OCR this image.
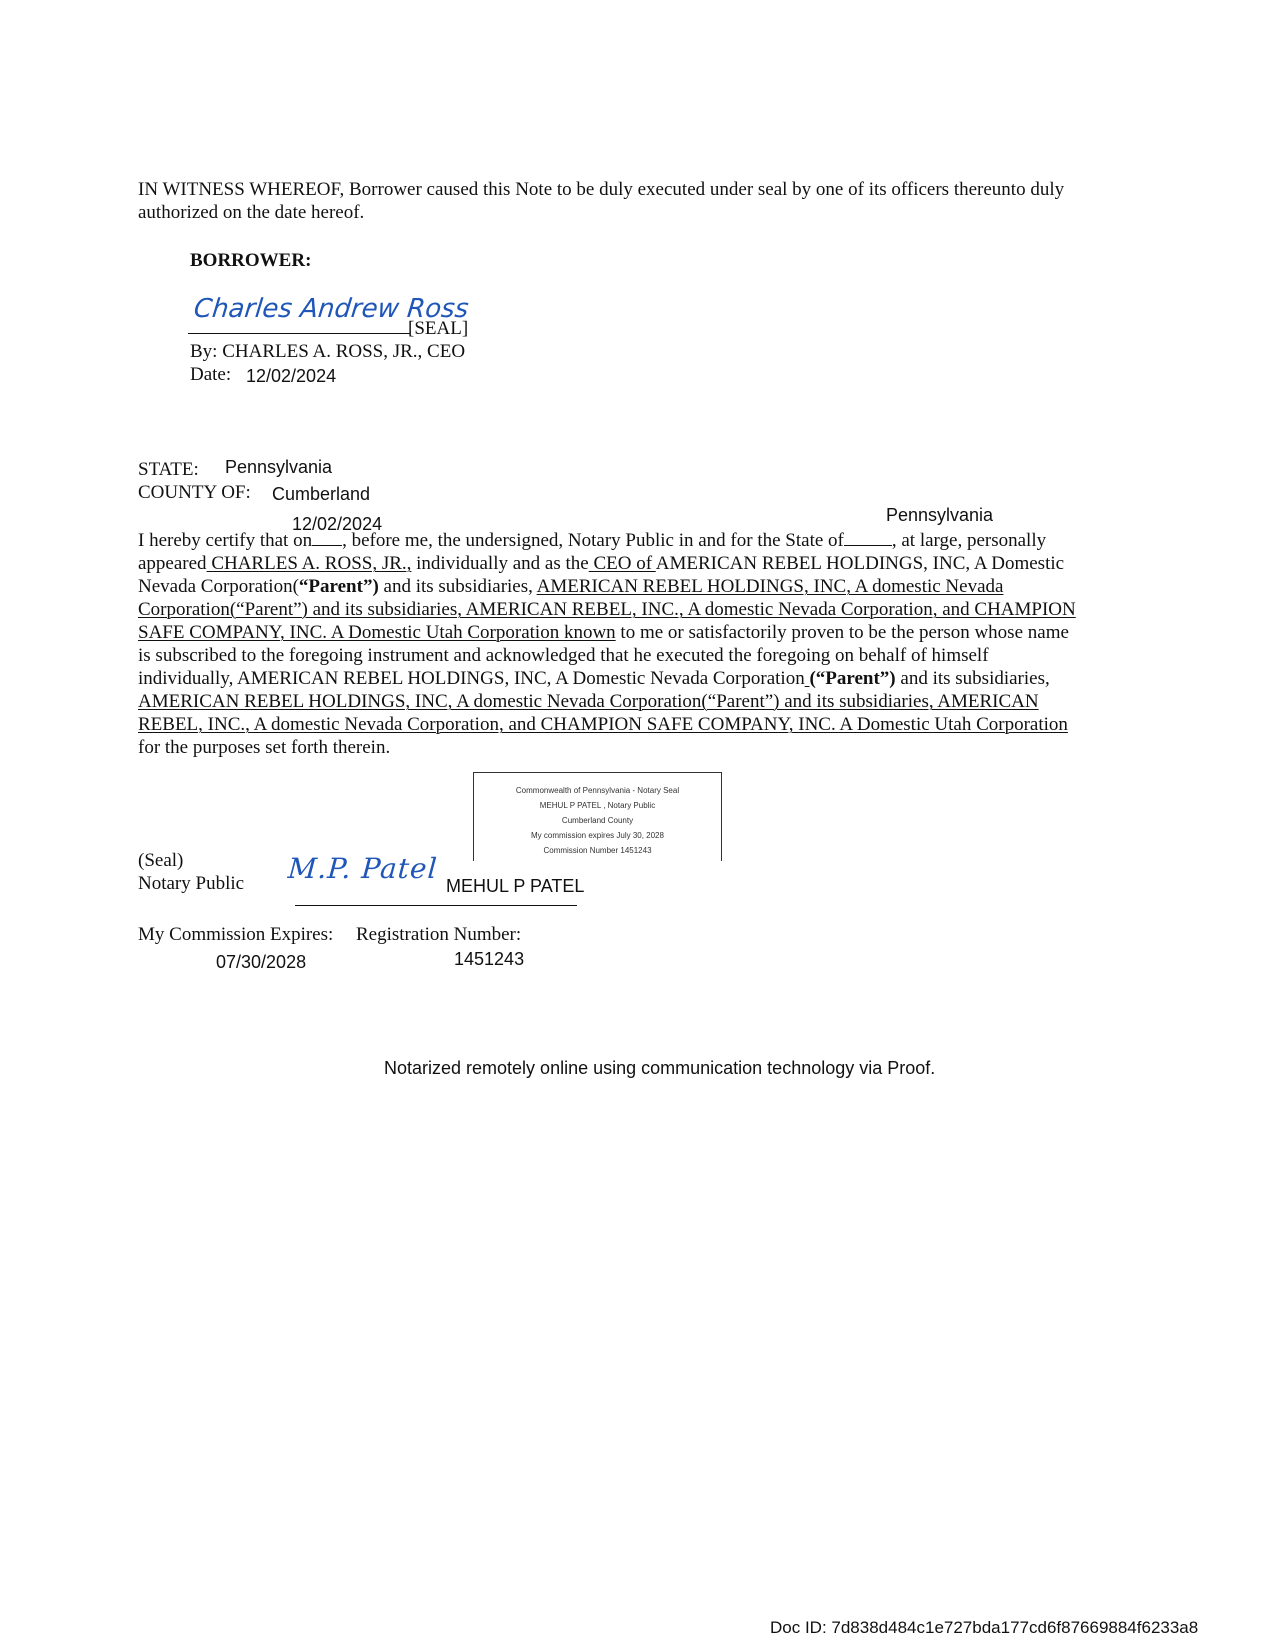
IN WITNESS WHEREOF, Borrower caused this Note to be duly executed under seal by one of its officers thereunto duly
authorized on the date hereof.
BORROWER:
Charles Andrew Ross
[SEAL]
By: CHARLES A. ROSS, JR., CEO
Date: 12/02/2024
STATE: Pennsylvania
COUNTY OF: Cumberland
12/02/2024	Pennsylvania
I hereby certify that on , before me, the undersigned, Notary Public in and for the State of	, at large, personally
appeared CHARLES A. ROSS, JR., individually and as the CEO of AMERICAN REBEL HOLDINGS, INC, A Domestic
Nevada Corporation(“Parent”) and its subsidiaries, AMERICAN REBEL HOLDINGS, INC, A domestic Nevada
Corporation(“Parent”) and its subsidiaries, AMERICAN REBEL, INC., A domestic Nevada Corporation, and CHAMPION
SAFE COMPANY, INC. A Domestic Utah Corporation known to me or satisfactorily proven to be the person whose name
is subscribed to the foregoing instrument and acknowledged that he executed the foregoing on behalf of himself
individually, AMERICAN REBEL HOLDINGS, INC, A Domestic Nevada Corporation (“Parent”) and its subsidiaries,
AMERICAN REBEL HOLDINGS, INC, A domestic Nevada Corporation(“Parent”) and its subsidiaries, AMERICAN
REBEL, INC., A domestic Nevada Corporation, and CHAMPION SAFE COMPANY, INC. A Domestic Utah Corporation
for the purposes set forth therein.
Commonwealth of Pennsylvania - Notary Seal
MEHUL P PATEL , Notary Public
Cumberland County
My commission expires July 30, 2028
Commission Number 1451243
(Seal)
Notary Public M.P. Patel
MEHUL P PATEL
My Commission Expires: Registration Number:
07/30/2028	1451243
Notarized remotely online using communication technology via Proof.
Doc ID: 7d838d484c1e727bda177cd6f87669884f6233a8
